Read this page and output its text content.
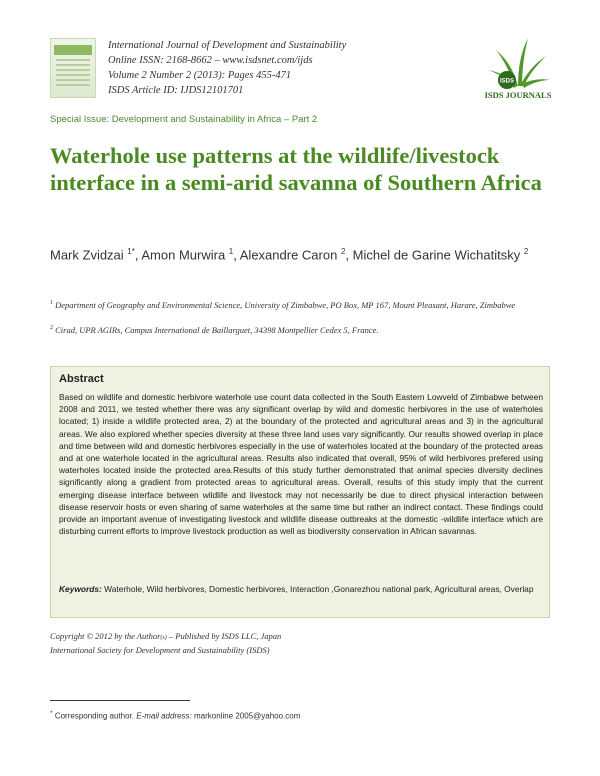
International Journal of Development and Sustainability
Online ISSN: 2168-8662 – www.isdsnet.com/ijds
Volume 2 Number 2 (2013): Pages 455-471
ISDS Article ID: IJDS12101701
ISDS
ISDS JOURNALS
Special Issue: Development and Sustainability in Africa – Part 2
Waterhole use patterns at the wildlife/livestock interface in a semi-arid savanna of Southern Africa
Mark Zvidzai $^{1*}$, Amon Murwira $^1$, Alexandre Caron $^2$, Michel de Garine Wichatitsky $^2$
$^1$ Department of Geography and Environmental Science, University of Zimbabwe, PO Box, MP 167, Mount Pleasant, Harare, Zimbabwe
$^2$ Cirad, UPR AGIRs, Campus International de Baillarguet, 34398 Montpellier Cedex 5, France.
Abstract
Based on wildlife and domestic herbivore waterhole use count data collected in the South Eastern Lowveld of Zimbabwe between 2008 and 2011, we tested whether there was any significant overlap by wild and domestic herbivores in the use of waterholes located; 1) inside a wildlife protected area, 2) at the boundary of the protected and agricultural areas and 3) in the agricultural areas. We also explored whether species diversity at these three land uses vary significantly. Our results showed overlap in place and time between wild and domestic herbivores especially in the use of waterholes located at the boundary of the protected areas and at one waterhole located in the agricultural areas. Results also indicated that overall, 95% of wild herbivores prefered using waterholes located inside the protected area.Results of this study further demonstrated that animal species diversity declines significantly along a gradient from protected areas to agricultural areas. Overall, results of this study imply that the current emerging disease interface between wildlife and livestock may not necessarily be due to direct physical interaction between disease reservoir hosts or even sharing of same waterholes at the same time but rather an indirect contact. These findings could provide an important avenue of investigating livestock and wildlife disease outbreaks at the domestic -wildlife interface which are disturbing current efforts to improve livestock production as well as biodiversity conservation in African savannas.
Keywords: Waterhole, Wild herbivores, Domestic herbivores, Interaction ,Gonarezhou national park, Agricultural areas, Overlap
Copyright © 2012 by the Author(s) – Published by ISDS LLC, Japan
International Society for Development and Sustainability (ISDS)
* Corresponding author. E-mail address: markonline 2005@yahoo.com
